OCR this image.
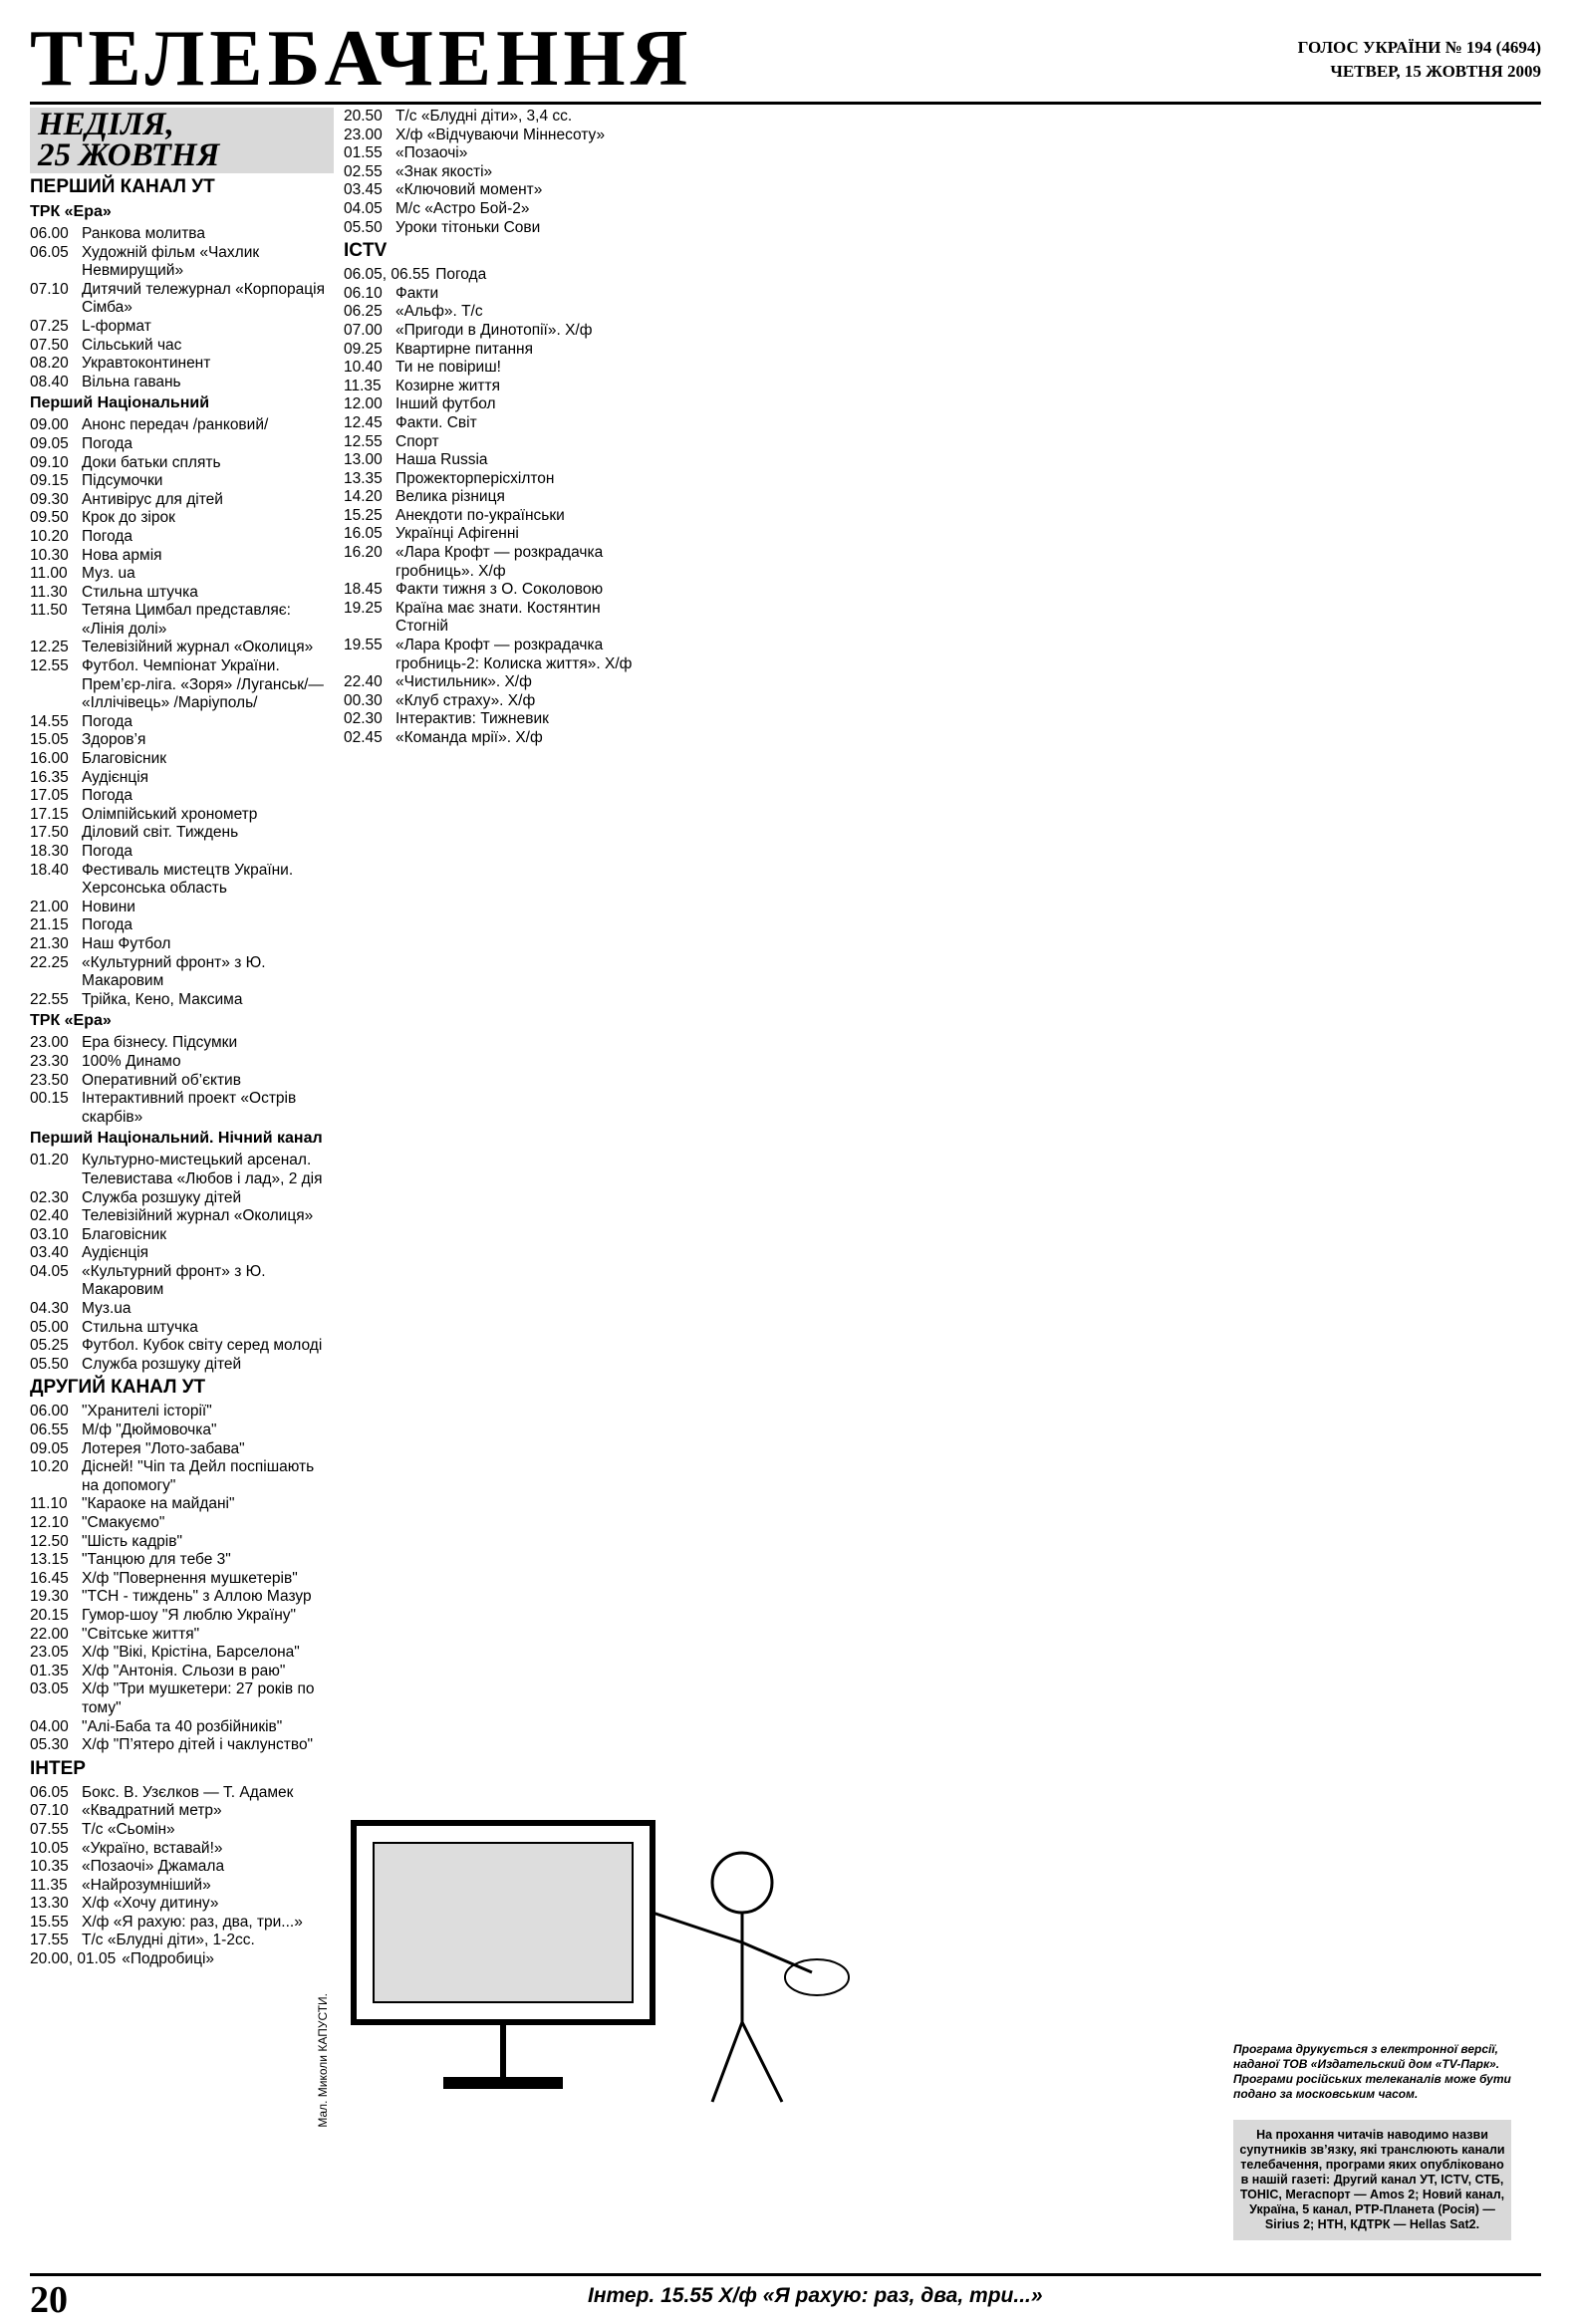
ТЕЛЕБАЧЕННЯ	ГОЛОС УКРАЇНИ № 194 (4694)
ЧЕТВЕР, 15 ЖОВТНЯ 2009
НЕДІЛЯ,
25 ЖОВТНЯ
ПЕРШИЙ КАНАЛ УТ
ТРК «Ера»
06.00 Ранкова молитва
06.05 Художній фільм «Чахлик Невмирущий»
07.10 Дитячий тележурнал «Корпорація Сімба»
07.25 L-формат
07.50 Сільський час
08.20 Укравтоконтинент
08.40 Вільна гавань
Перший Національний
09.00 Анонс передач /ранковий/
09.05 Погода
09.10 Доки батьки сплять
09.15 Підсумочки
09.30 Антивірус для дітей
09.50 Крок до зірок
10.20 Погода
10.30 Нова армія
11.00 Муз. ua
11.30 Стильна штучка
11.50 Тетяна Цимбал представляє: «Лінія долі»
12.25 Телевізійний журнал «Околиця»
12.55 Футбол. Чемпіонат України. Прем’єр-ліга. «Зоря» /Луганськ/— «Іллічівець» /Маріуполь/
14.55 Погода
15.05 Здоров’я
16.00 Благовісник
16.35 Аудієнція
17.05 Погода
17.15 Олімпійський хронометр
17.50 Діловий світ. Тиждень
18.30 Погода
18.40 Фестиваль мистецтв України. Херсонська область
21.00 Новини
21.15 Погода
21.30 Наш Футбол
22.25 «Культурний фронт» з Ю. Макаровим
22.55 Трійка, Кено, Максима
ТРК «Ера»
23.00 Ера бізнесу. Підсумки
23.30 100% Динамо
23.50 Оперативний об’єктив
00.15 Інтерактивний проект «Острів скарбів»
Перший Національний. Нічний канал
01.20 Культурно-мистецький арсенал. Телевистава «Любов і лад», 2 дія
02.30 Служба розшуку дітей
02.40 Телевізійний журнал «Околиця»
03.10 Благовісник
03.40 Аудієнція
04.05 «Культурний фронт» з Ю. Макаровим
04.30 Муз.ua
05.00 Стильна штучка
05.25 Футбол. Кубок світу серед молоді
05.50 Служба розшуку дітей
ДРУГИЙ КАНАЛ УТ
06.00 "Хранителі історії"
06.55 М/ф "Дюймовочка"
09.05 Лотерея "Лото-забава"
10.20 Дісней! "Чіп та Дейл поспішають на допомогу"
11.10 "Караоке на майдані"
12.10 "Смакуємо"
12.50 "Шість кадрів"
13.15 "Танцюю для тебе 3"
16.45 Х/ф "Повернення мушкетерів"
19.30 "ТСН - тиждень" з Аллою Мазур
20.15 Гумор-шоу "Я люблю Україну"
22.00 "Світське життя"
23.05 Х/ф "Вікі, Крістіна, Барселона"
01.35 Х/ф "Антонія. Сльози в раю"
03.05 Х/ф "Три мушкетери: 27 років по тому"
04.00 "Алі-Баба та 40 розбійників"
05.30 Х/ф "П’ятеро дітей і чаклунство"
ІНТЕР
06.05 Бокс. В. Узєлков — Т. Адамек
07.10 «Квадратний метр»
07.55 Т/с «Сьомін»
10.05 «Україно, вставай!»
10.35 «Позаочі» Джамала
11.35 «Найрозумніший»
13.30 Х/ф «Хочу дитину»
15.55 Х/ф «Я рахую: раз, два, три...»
17.55 Т/с «Блудні діти», 1-2сс.
20.00, 01.05 «Подробиці»
20.50 Т/с «Блудні діти», 3,4 сс.
23.00 Х/ф «Відчуваючи Міннесоту»
01.55 «Позаочі»
02.55 «Знак якості»
03.45 «Ключовий момент»
04.05 М/с «Астро Бой-2»
05.50 Уроки тітоньки Сови
ICTV
06.05, 06.55 Погода
06.10 Факти
06.25 «Альф». Т/с
07.00 «Пригоди в Динотопії». Х/ф
09.25 Квартирне питання
10.40 Ти не повіриш!
11.35 Козирне життя
12.00 Інший футбол
12.45 Факти. Світ
12.55 Спорт
13.00 Наша Russia
13.35 Прожекторперісхілтон
14.20 Велика різниця
15.25 Анекдоти по-українськи
16.05 Українці Афігенні
16.20 «Лара Крофт — розкрадачка гробниць». Х/ф
18.45 Факти тижня з О. Соколовою
19.25 Країна має знати. Костянтин Стогній
19.55 «Лара Крофт — розкрадачка гробниць-2: Колиска життя». Х/ф
22.40 «Чистильник». Х/ф
00.30 «Клуб страху». Х/ф
02.30 Інтерактив: Тижневик
02.45 «Команда мрії». Х/ф
Мал. Миколи КАПУСТИ.	Програма друкується з електронної версії, наданої ТОВ «Издательский дом «TV-Парк». Програми російських телеканалів може бути подано за московським часом.
На прохання читачів наводимо назви супутників зв’язку, які транслюють канали телебачення, програми яких опубліковано в нашій газеті: Другий канал УТ, ICTV, СТБ, ТОНІС, Мегаспорт — Amos 2; Новий канал, Україна, 5 канал, РТР-Планета (Росія) — Sirius 2; НТН, КДТРК — Hellas Sat2.
20	Інтер. 15.55 Х/ф «Я рахую: раз, два, три...»
